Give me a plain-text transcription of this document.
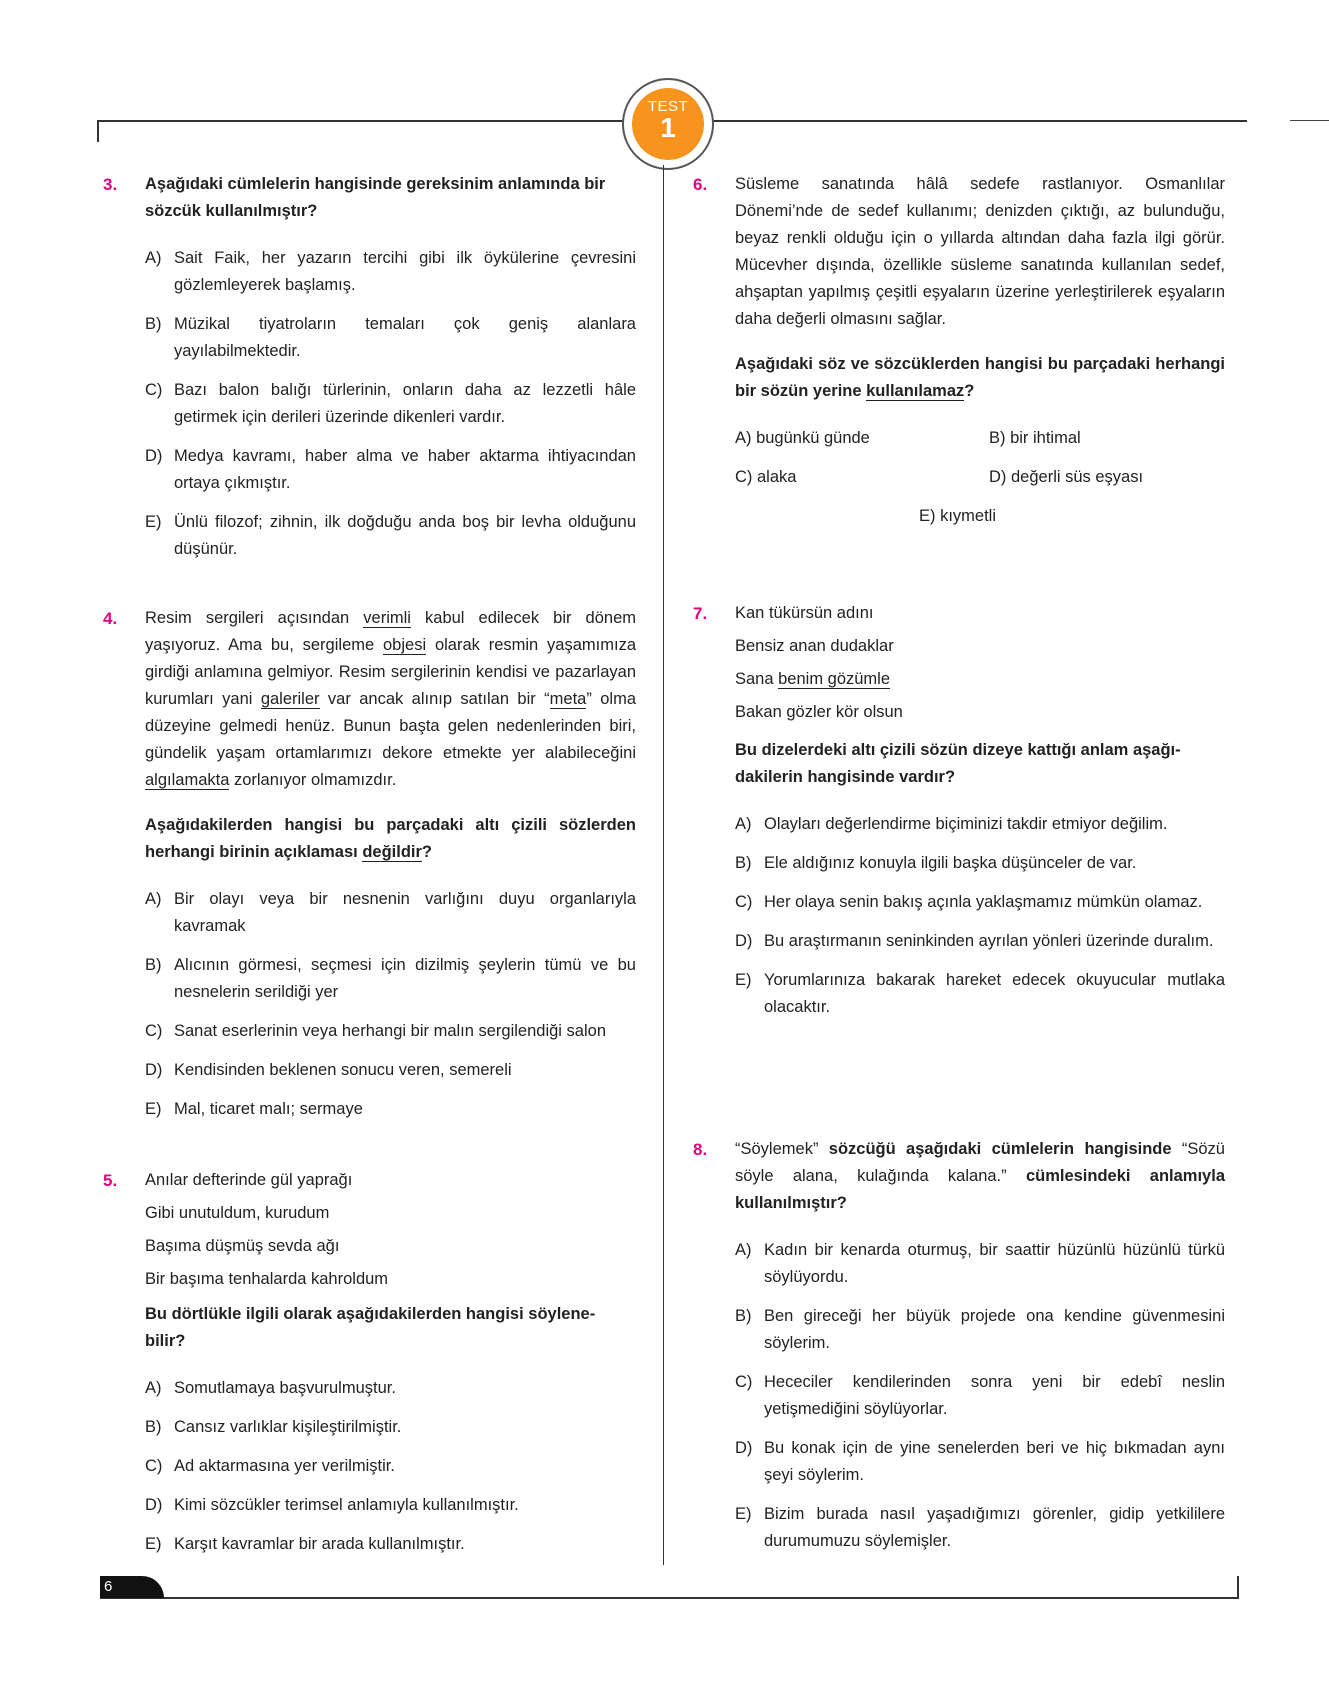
TEST
1
3. Aşağıdaki cümlelerin hangisinde gereksinim anlamında bir
sözcük kullanılmıştır?

A) Sait Faik, her yazarın tercihi gibi ilk öykülerine çevresini gözlemleyerek başlamış.
B) Müzikal tiyatroların temaları çok geniş alanlara yayılabilmektedir.
C) Bazı balon balığı türlerinin, onların daha az lezzetli hâle getirmek için derileri üzerinde dikenleri vardır.
D) Medya kavramı, haber alma ve haber aktarma ihtiyacından ortaya çıkmıştır.
E) Ünlü filozof; zihnin, ilk doğduğu anda boş bir levha olduğunu düşünür.
4. Resim sergileri açısından verimli kabul edilecek bir dönem yaşıyoruz. Ama bu, sergileme objesi olarak resmin yaşamımıza girdiği anlamına gelmiyor. Resim sergilerinin kendisi ve pazarlayan kurumları yani galeriler var ancak alınıp satılan bir “meta” olma düzeyine gelmedi henüz. Bunun başta gelen nedenlerinden biri, gündelik yaşam ortamlarımızı dekore etmekte yer alabileceğini algılamakta zorlanıyor olmamızdır.

Aşağıdakilerden hangisi bu parçadaki altı çizili sözlerden herhangi birinin açıklaması değildir?

A) Bir olayı veya bir nesnenin varlığını duyu organlarıyla kavramak
B) Alıcının görmesi, seçmesi için dizilmiş şeylerin tümü ve bu nesnelerin serildiği yer
C) Sanat eserlerinin veya herhangi bir malın sergilendiği salon
D) Kendisinden beklenen sonucu veren, semereli
E) Mal, ticaret malı; sermaye
5. Anılar defterinde gül yaprağı
Gibi unutuldum, kurudum
Başıma düşmüş sevda ağı
Bir başıma tenhalarda kahroldum

Bu dörtlükle ilgili olarak aşağıdakilerden hangisi söylene-
bilir?

A) Somutlamaya başvurulmuştur.
B) Cansız varlıklar kişileştirilmiştir.
C) Ad aktarmasına yer verilmiştir.
D) Kimi sözcükler terimsel anlamıyla kullanılmıştır.
E) Karşıt kavramlar bir arada kullanılmıştır.
6. Süsleme sanatında hâlâ sedefe rastlanıyor. Osmanlılar Dönemi’nde de sedef kullanımı; denizden çıktığı, az bulunduğu, beyaz renkli olduğu için o yıllarda altından daha fazla ilgi görür. Mücevher dışında, özellikle süsleme sanatında kullanılan sedef, ahşaptan yapılmış çeşitli eşyaların üzerine yerleştirilerek eşyaların daha değerli olmasını sağlar.

Aşağıdaki söz ve sözcüklerden hangisi bu parçadaki herhangi bir sözün yerine kullanılamaz?

A) bugünkü günde	B) bir ihtimal
C) alaka	D) değerli süs eşyası
E) kıymetli
7. Kan tükürsün adını
Bensiz anan dudaklar
Sana benim gözümle
Bakan gözler kör olsun

Bu dizelerdeki altı çizili sözün dizeye kattığı anlam aşağı-
dakilerin hangisinde vardır?

A) Olayları değerlendirme biçiminizi takdir etmiyor değilim.
B) Ele aldığınız konuyla ilgili başka düşünceler de var.
C) Her olaya senin bakış açınla yaklaşmamız mümkün olamaz.
D) Bu araştırmanın seninkinden ayrılan yönleri üzerinde duralım.
E) Yorumlarınıza bakarak hareket edecek okuyucular mutlaka olacaktır.
8. “Söylemek” sözcüğü aşağıdaki cümlelerin hangisinde “Sözü söyle alana, kulağında kalana.” cümlesindeki anlamıyla kullanılmıştır?

A) Kadın bir kenarda oturmuş, bir saattir hüzünlü hüzünlü türkü söylüyordu.
B) Ben gireceği her büyük projede ona kendine güvenmesini söylerim.
C) Hececiler kendilerinden sonra yeni bir edebî neslin yetişmediğini söylüyorlar.
D) Bu konak için de yine senelerden beri ve hiç bıkmadan aynı şeyi söylerim.
E) Bizim burada nasıl yaşadığımızı görenler, gidip yetkililere durumumuzu söylemişler.
6
